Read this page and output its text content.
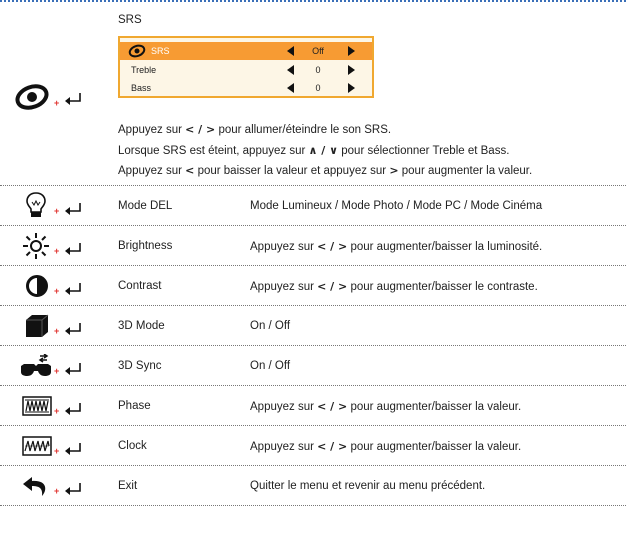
+
SRS
SRS	Off
Treble	0
Bass	0
Appuyez sur < / > pour allumer/éteindre le son SRS.
Lorsque SRS est éteint, appuyez sur ∧ / ∨ pour sélectionner Treble et Bass.
Appuyez sur < pour baisser la valeur et appuyez sur > pour augmenter la valeur.
+	Mode DEL	Mode Lumineux / Mode Photo / Mode PC / Mode Cinéma
+	Brightness	Appuyez sur < / > pour augmenter/baisser la luminosité.
+	Contrast	Appuyez sur < / > pour augmenter/baisser le contraste.
+	3D Mode	On / Off
+	3D Sync	On / Off
+	Phase	Appuyez sur < / > pour augmenter/baisser la valeur.
+	Clock	Appuyez sur < / > pour augmenter/baisser la valeur.
+	Exit	Quitter le menu et revenir au menu précédent.
